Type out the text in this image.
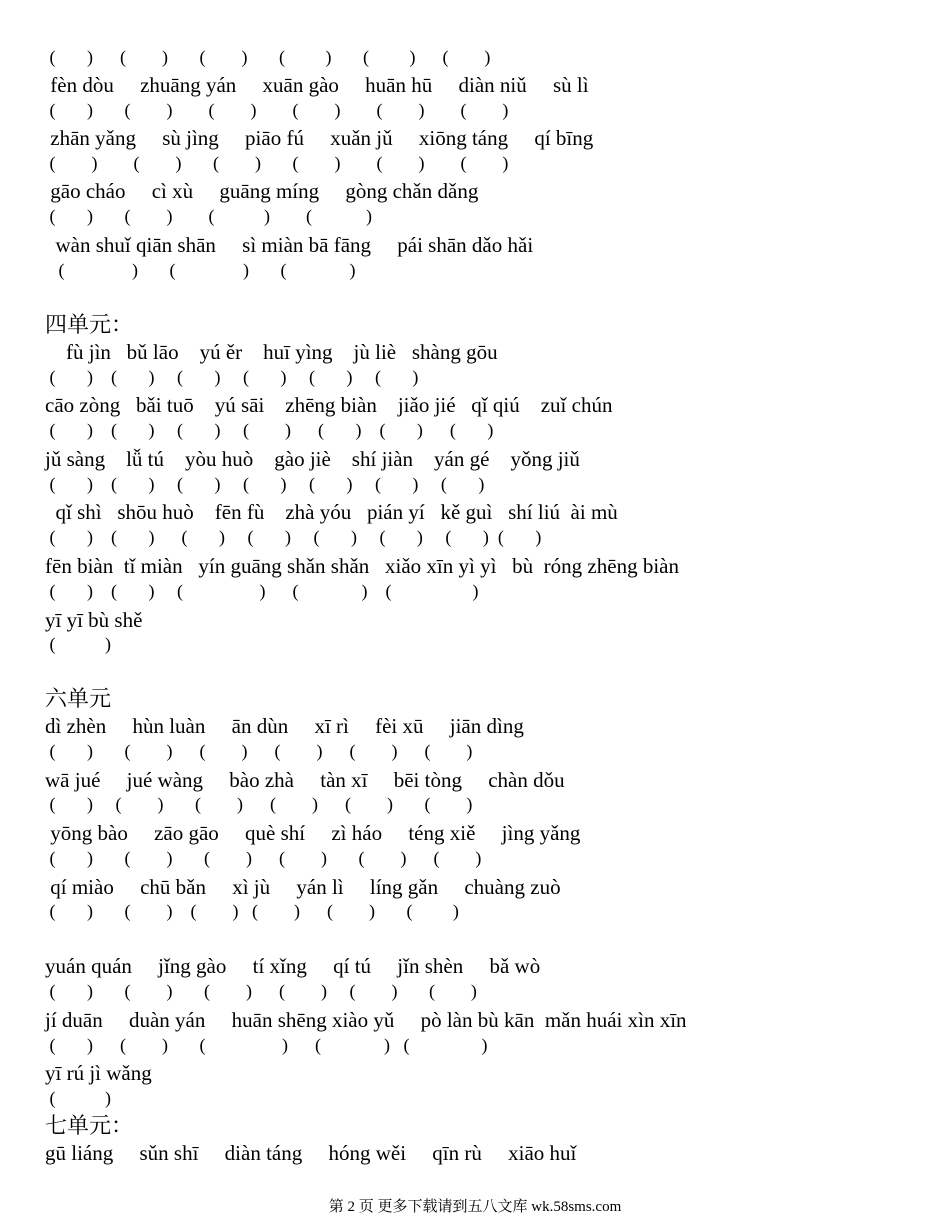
(       )      (        )       (        )       (         )       (         )      (        )
fèn dòu     zhuāng yán     xuān gào     huān hū     diàn niǔ     sù lì
(       )       (        )        (        )        (        )        (        )        (        )
zhān yǎng     sù jìng     piāo fú     xuǎn jǔ     xiōng táng     qí bīng
(        )        (        )       (        )       (        )        (        )        (        )
gāo cháo     cì xù     guāng míng     gòng chǎn dǎng
(       )       (        )        (           )        (            )
wàn shuǐ qiān shān     sì miàn bā fāng     pái shān dǎo hǎi
(               )       (               )       (              )
四单元：
fù jìn   bǔ lāo    yú ěr    huī yìng    jù liè   shàng gōu
(       )    (       )     (       )     (       )     (       )     (       )
cāo zòng   bǎi tuō    yú sāi    zhēng biàn    jiǎo jié   qǐ qiú    zuǐ chún
(       )    (       )     (       )     (        )      (       )    (       )      (       )
jǔ sàng    lǚ tú    yòu huò    gào jiè    shí jiàn    yán gé    yǒng jiǔ
(       )    (       )     (       )     (       )     (       )     (       )     (       )
qǐ shì   shōu huò    fēn fù    zhà yóu   pián yí   kě guì   shí liú  ài mù
(       )    (       )      (       )     (       )     (       )     (       )     (       )  (       )
fēn biàn  tǐ miàn   yín guāng shǎn shǎn   xiǎo xīn yì yì   bù  róng zhēng biàn
(       )    (       )     (                 )      (              )    (                  )
yī yī bù shě
(           )
六单元
dì zhèn     hùn luàn     ān dùn     xī rì     fèi xū     jiān dìng
(       )       (        )      (        )      (        )      (        )      (        )
wā jué     jué wàng     bào zhà     tàn xī     bēi tòng     chàn dǒu
(       )     (        )       (        )      (        )      (        )       (        )
yōng bào     zāo gāo     què shí     zì háo     téng xiě     jìng yǎng
(       )       (        )       (        )      (        )       (        )      (        )
qí miào     chū bǎn     xì jù     yán lì     líng gǎn     chuàng zuò
(       )       (        )    (        )   (        )      (        )       (         )
yuán quán     jǐng gào     tí xǐng     qí tú     jǐn shèn     bǎ wò
(       )       (        )       (        )      (        )     (        )       (        )
jí duān     duàn yán     huān shēng xiào yǔ     pò làn bù kān  mǎn huái xìn xīn
(       )      (        )       (                 )      (              )   (                )
yī rú jì wǎng
(           )
七单元：
gū liáng     sǔn shī     diàn táng     hóng wěi     qīn rù     xiāo huǐ
第 2 页 更多下载请到五八文库 wk.58sms.com
